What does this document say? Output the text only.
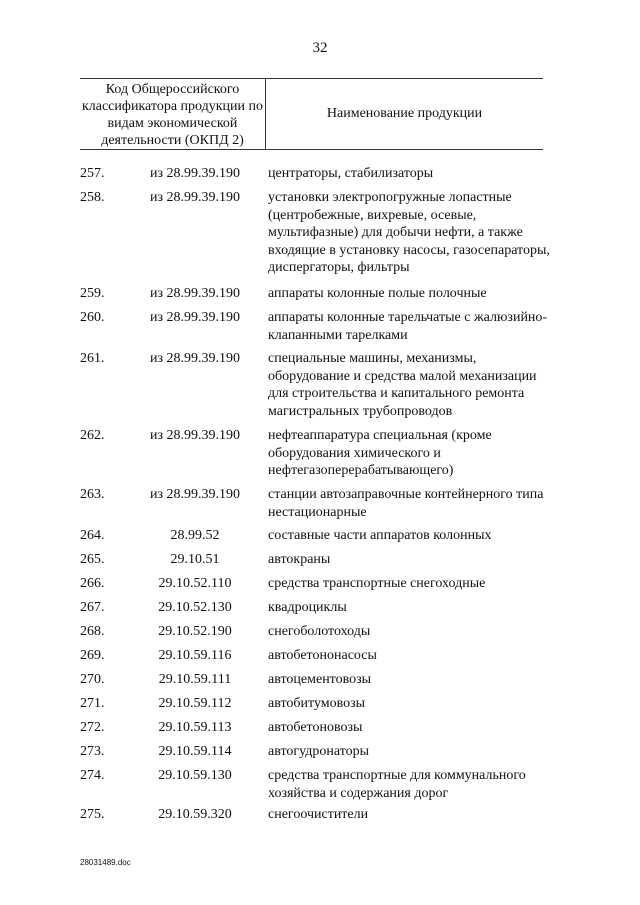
32
Код Общероссийского классификатора продукции по видам экономической деятельности (ОКПД 2)
Наименование продукции
257.	из 28.99.39.190	центраторы, стабилизаторы
258.	из 28.99.39.190	установки электропогружные лопастные (центробежные, вихревые, осевые, мультифазные) для добычи нефти, а также входящие в установку насосы, газосепараторы, диспергаторы, фильтры
259.	из 28.99.39.190	аппараты колонные полые полочные
260.	из 28.99.39.190	аппараты колонные тарельчатые с жалюзийно-клапанными тарелками
261.	из 28.99.39.190	специальные машины, механизмы, оборудование и средства малой механизации для строительства и капитального ремонта магистральных трубопроводов
262.	из 28.99.39.190	нефтеаппаратура специальная (кроме оборудования химического и нефтегазоперерабатывающего)
263.	из 28.99.39.190	станции автозаправочные контейнерного типа нестационарные
264.	28.99.52	составные части аппаратов колонных
265.	29.10.51	автокраны
266.	29.10.52.110	средства транспортные снегоходные
267.	29.10.52.130	квадроциклы
268.	29.10.52.190	снегоболотоходы
269.	29.10.59.116	автобетононасосы
270.	29.10.59.111	автоцементовозы
271.	29.10.59.112	автобитумовозы
272.	29.10.59.113	автобетоновозы
273.	29.10.59.114	автогудронаторы
274.	29.10.59.130	средства транспортные для коммунального хозяйства и содержания дорог
275.	29.10.59.320	снегоочистители
28031489.doc
